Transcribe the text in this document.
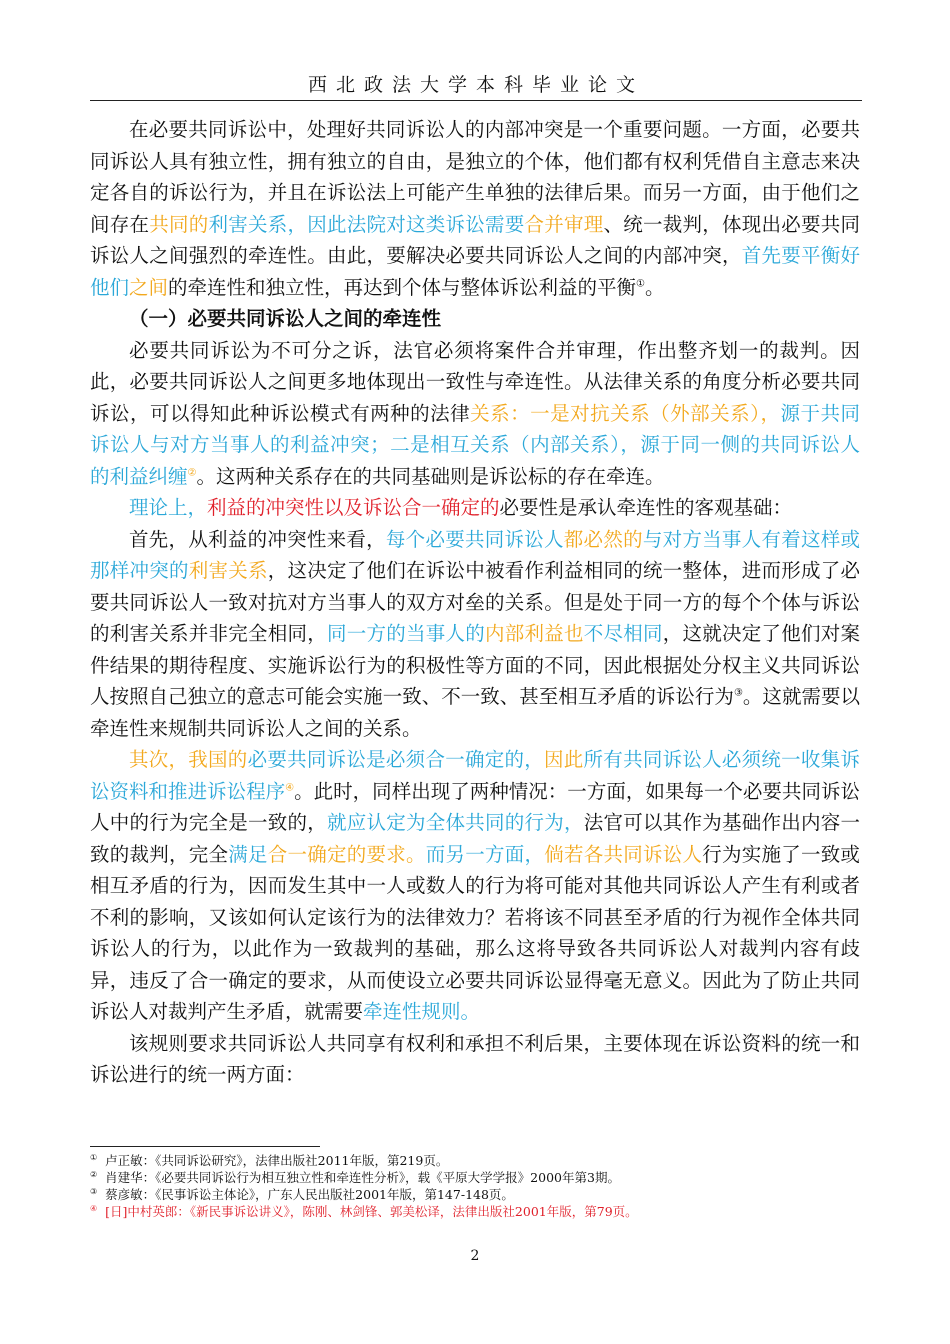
西北政法大学本科毕业论文

在必要共同诉讼中，处理好共同诉讼人的内部冲突是一个重要问题。一方面，必要共同诉讼人具有独立性，拥有独立的自由，是独立的个体，他们都有权利凭借自主意志来决定各自的诉讼行为，并且在诉讼法上可能产生单独的法律后果。而另一方面，由于他们之间存在共同的利害关系，因此法院对这类诉讼需要合并审理、统一裁判，体现出必要共同诉讼人之间强烈的牵连性。由此，要解决必要共同诉讼人之间的内部冲突，首先要平衡好他们之间的牵连性和独立性，再达到个体与整体诉讼利益的平衡①。

（一）必要共同诉讼人之间的牵连性

必要共同诉讼为不可分之诉，法官必须将案件合并审理，作出整齐划一的裁判。因此，必要共同诉讼人之间更多地体现出一致性与牵连性。从法律关系的角度分析必要共同诉讼，可以得知此种诉讼模式有两种的法律关系：一是对抗关系（外部关系），源于共同诉讼人与对方当事人的利益冲突；二是相互关系（内部关系），源于同一侧的共同诉讼人的利益纠缠②。这两种关系存在的共同基础则是诉讼标的存在牵连。

理论上，利益的冲突性以及诉讼合一确定的必要性是承认牵连性的客观基础：

首先，从利益的冲突性来看，每个必要共同诉讼人都必然的与对方当事人有着这样或那样冲突的利害关系，这决定了他们在诉讼中被看作利益相同的统一整体，进而形成了必要共同诉讼人一致对抗对方当事人的双方对垒的关系。但是处于同一方的每个个体与诉讼的利害关系并非完全相同，同一方的当事人的内部利益也不尽相同，这就决定了他们对案件结果的期待程度、实施诉讼行为的积极性等方面的不同，因此根据处分权主义共同诉讼人按照自己独立的意志可能会实施一致、不一致、甚至相互矛盾的诉讼行为③。这就需要以牵连性来规制共同诉讼人之间的关系。

其次，我国的必要共同诉讼是必须合一确定的，因此所有共同诉讼人必须统一收集诉讼资料和推进诉讼程序④。此时，同样出现了两种情况：一方面，如果每一个必要共同诉讼人中的行为完全是一致的，就应认定为全体共同的行为，法官可以其作为基础作出内容一致的裁判，完全满足合一确定的要求。而另一方面，倘若各共同诉讼人行为实施了一致或相互矛盾的行为，因而发生其中一人或数人的行为将可能对其他共同诉讼人产生有利或者不利的影响，又该如何认定该行为的法律效力？若将该不同甚至矛盾的行为视作全体共同诉讼人的行为，以此作为一致裁判的基础，那么这将导致各共同诉讼人对裁判内容有歧异，违反了合一确定的要求，从而使设立必要共同诉讼显得毫无意义。因此为了防止共同诉讼人对裁判产生矛盾，就需要牵连性规则。

该规则要求共同诉讼人共同享有权利和承担不利后果，主要体现在诉讼资料的统一和诉讼进行的统一两方面：

① 卢正敏：《共同诉讼研究》，法律出版社2011年版，第219页。

② 肖建华：《必要共同诉讼行为相互独立性和牵连性分析》，载《平原大学学报》2000年第3期。

③ 蔡彦敏：《民事诉讼主体论》，广东人民出版社2001年版，第147-148页。

④ [日]中村英郎：《新民事诉讼讲义》，陈刚、林剑锋、郭美松译，法律出版社2001年版，第79页。

2
